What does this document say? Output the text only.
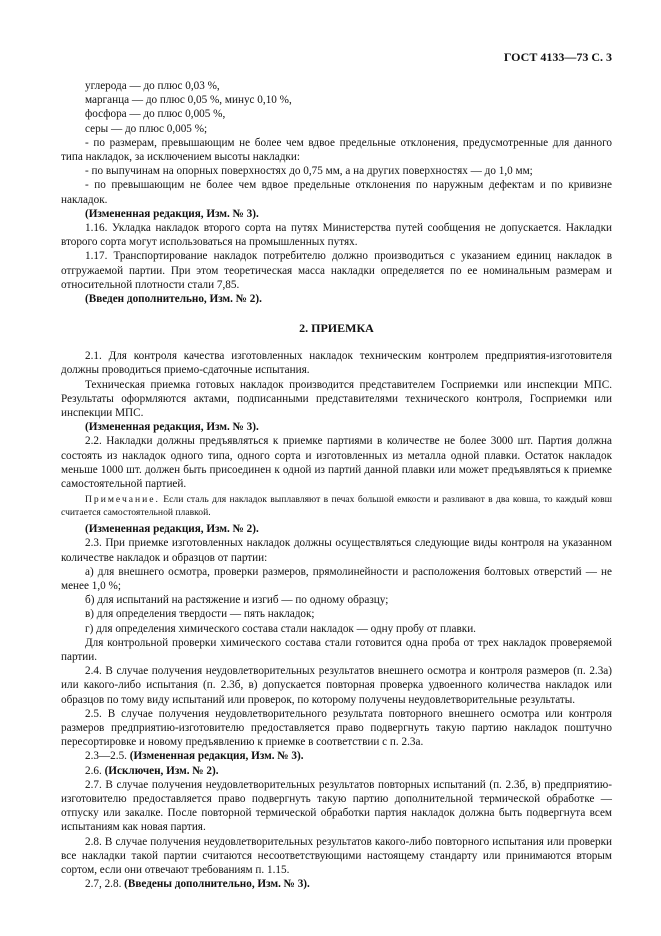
ГОСТ 4133—73 С. 3

углерода — до плюс 0,03 %,

марганца — до плюс 0,05 %, минус 0,10 %,

фосфора — до плюс 0,005 %,

серы — до плюс 0,005 %;

- по размерам, превышающим не более чем вдвое предельные отклонения, предусмотренные для данного типа накладок, за исключением высоты накладки:

- по выпучинам на опорных поверхностях до 0,75 мм, а на других поверхностях — до 1,0 мм;

- по превышающим не более чем вдвое предельные отклонения по наружным дефектам и по кривизне накладок.

(Измененная редакция, Изм. № 3).

1.16. Укладка накладок второго сорта на путях Министерства путей сообщения не допускается. Накладки второго сорта могут использоваться на промышленных путях.

1.17. Транспортирование накладок потребителю должно производиться с указанием единиц накладок в отгружаемой партии. При этом теоретическая масса накладки определяется по ее номинальным размерам и относительной плотности стали 7,85.

(Введен дополнительно, Изм. № 2).

2. ПРИЕМКА

2.1. Для контроля качества изготовленных накладок техническим контролем предприятия-изготовителя должны проводиться приемо-сдаточные испытания.

Техническая приемка готовых накладок производится представителем Госприемки или инспекции МПС. Результаты оформляются актами, подписанными представителями технического контроля, Госприемки или инспекции МПС.

(Измененная редакция, Изм. № 3).

2.2. Накладки должны предъявляться к приемке партиями в количестве не более 3000 шт. Партия должна состоять из накладок одного типа, одного сорта и изготовленных из металла одной плавки. Остаток накладок меньше 1000 шт. должен быть присоединен к одной из партий данной плавки или может предъявляться к приемке самостоятельной партией.

Примечание. Если сталь для накладок выплавляют в печах большой емкости и разливают в два ковша, то каждый ковш считается самостоятельной плавкой.

(Измененная редакция, Изм. № 2).

2.3. При приемке изготовленных накладок должны осуществляться следующие виды контроля на указанном количестве накладок и образцов от партии:

а) для внешнего осмотра, проверки размеров, прямолинейности и расположения болтовых отверстий — не менее 1,0 %;

б) для испытаний на растяжение и изгиб — по одному образцу;

в) для определения твердости — пять накладок;

г) для определения химического состава стали накладок — одну пробу от плавки.

Для контрольной проверки химического состава стали готовится одна проба от трех накладок проверяемой партии.

2.4. В случае получения неудовлетворительных результатов внешнего осмотра и контроля размеров (п. 2.3а) или какого-либо испытания (п. 2.3б, в) допускается повторная проверка удвоенного количества накладок или образцов по тому виду испытаний или проверок, по которому получены неудовлетворительные результаты.

2.5. В случае получения неудовлетворительного результата повторного внешнего осмотра или контроля размеров предприятию-изготовителю предоставляется право подвергнуть такую партию накладок поштучно пересортировке и новому предъявлению к приемке в соответствии с п. 2.3а.

2.3—2.5. (Измененная редакция, Изм. № 3).

2.6. (Исключен, Изм. № 2).

2.7. В случае получения неудовлетворительных результатов повторных испытаний (п. 2.3б, в) предприятию-изготовителю предоставляется право подвергнуть такую партию дополнительной термической обработке — отпуску или закалке. После повторной термической обработки партия накладок должна быть подвергнута всем испытаниям как новая партия.

2.8. В случае получения неудовлетворительных результатов какого-либо повторного испытания или проверки все накладки такой партии считаются несоответствующими настоящему стандарту или принимаются вторым сортом, если они отвечают требованиям п. 1.15.

2.7, 2.8. (Введены дополнительно, Изм. № 3).
